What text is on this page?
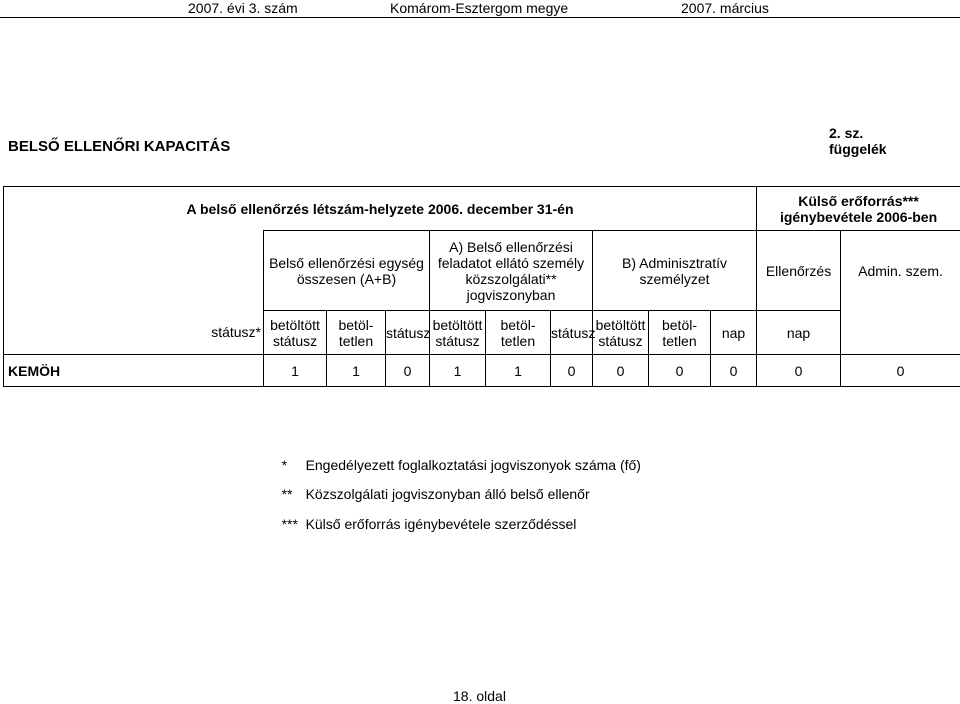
2007. évi 3. szám	Komárom-Esztergom megye	2007. március
BELSŐ ELLENŐRI KAPACITÁS
2. sz.
függelék
A belső ellenőrzés létszám-helyzete 2006. december 31-én										Külső erőforrás*** igénybevétele 2006-ben	
	Belső ellenőrzési egység összesen (A+B)			A) Belső ellenőrzési feladatot ellátó személy közszolgálati** jogviszonyban			B) Adminisztratív személyzet			Ellenőrzés	Admin. szem.
státusz*	betöltött státusz	betöl-tetlen	státusz	betöltött státusz	betöl-tetlen	státusz	betöltött státusz	betöl-tetlen	nap	nap	
KEMÖH	1	1	0	1	1	0	0	0	0	0	0

* Engedélyezett foglalkoztatási jogviszonyok száma (fő)

** Közszolgálati jogviszonyban álló belső ellenőr

*** Külső erőforrás igénybevétele szerződéssel

18. oldal
